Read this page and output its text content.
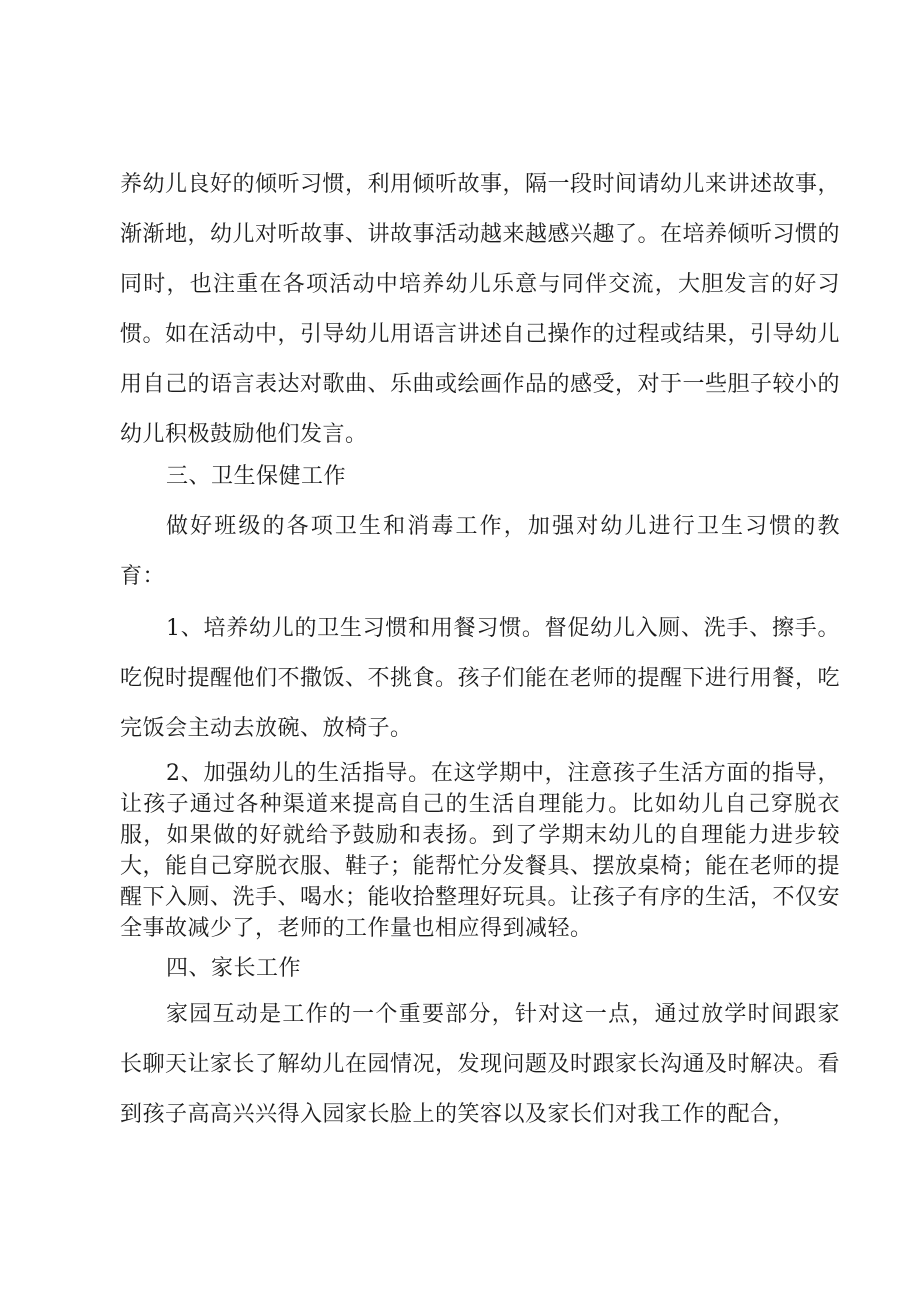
养幼儿良好的倾听习惯，利用倾听故事，隔一段时间请幼儿来讲述故事，渐渐地，幼儿对听故事、讲故事活动越来越感兴趣了。在培养倾听习惯的同时，也注重在各项活动中培养幼儿乐意与同伴交流，大胆发言的好习惯。如在活动中，引导幼儿用语言讲述自己操作的过程或结果，引导幼儿用自己的语言表达对歌曲、乐曲或绘画作品的感受，对于一些胆子较小的幼儿积极鼓励他们发言。

三、卫生保健工作

做好班级的各项卫生和消毒工作，加强对幼儿进行卫生习惯的教育：

1、培养幼儿的卫生习惯和用餐习惯。督促幼儿入厕、洗手、擦手。吃倪时提醒他们不撒饭、不挑食。孩子们能在老师的提醒下进行用餐，吃完饭会主动去放碗、放椅子。

2、加强幼儿的生活指导。在这学期中，注意孩子生活方面的指导，让孩子通过各种渠道来提高自己的生活自理能力。比如幼儿自己穿脱衣服，如果做的好就给予鼓励和表扬。到了学期末幼儿的自理能力进步较大，能自己穿脱衣服、鞋子；能帮忙分发餐具、摆放桌椅；能在老师的提醒下入厕、洗手、喝水；能收拾整理好玩具。让孩子有序的生活，不仅安全事故减少了，老师的工作量也相应得到减轻。

四、家长工作

家园互动是工作的一个重要部分，针对这一点，通过放学时间跟家长聊天让家长了解幼儿在园情况，发现问题及时跟家长沟通及时解决。看到孩子高高兴兴得入园家长脸上的笑容以及家长们对我工作的配合，
